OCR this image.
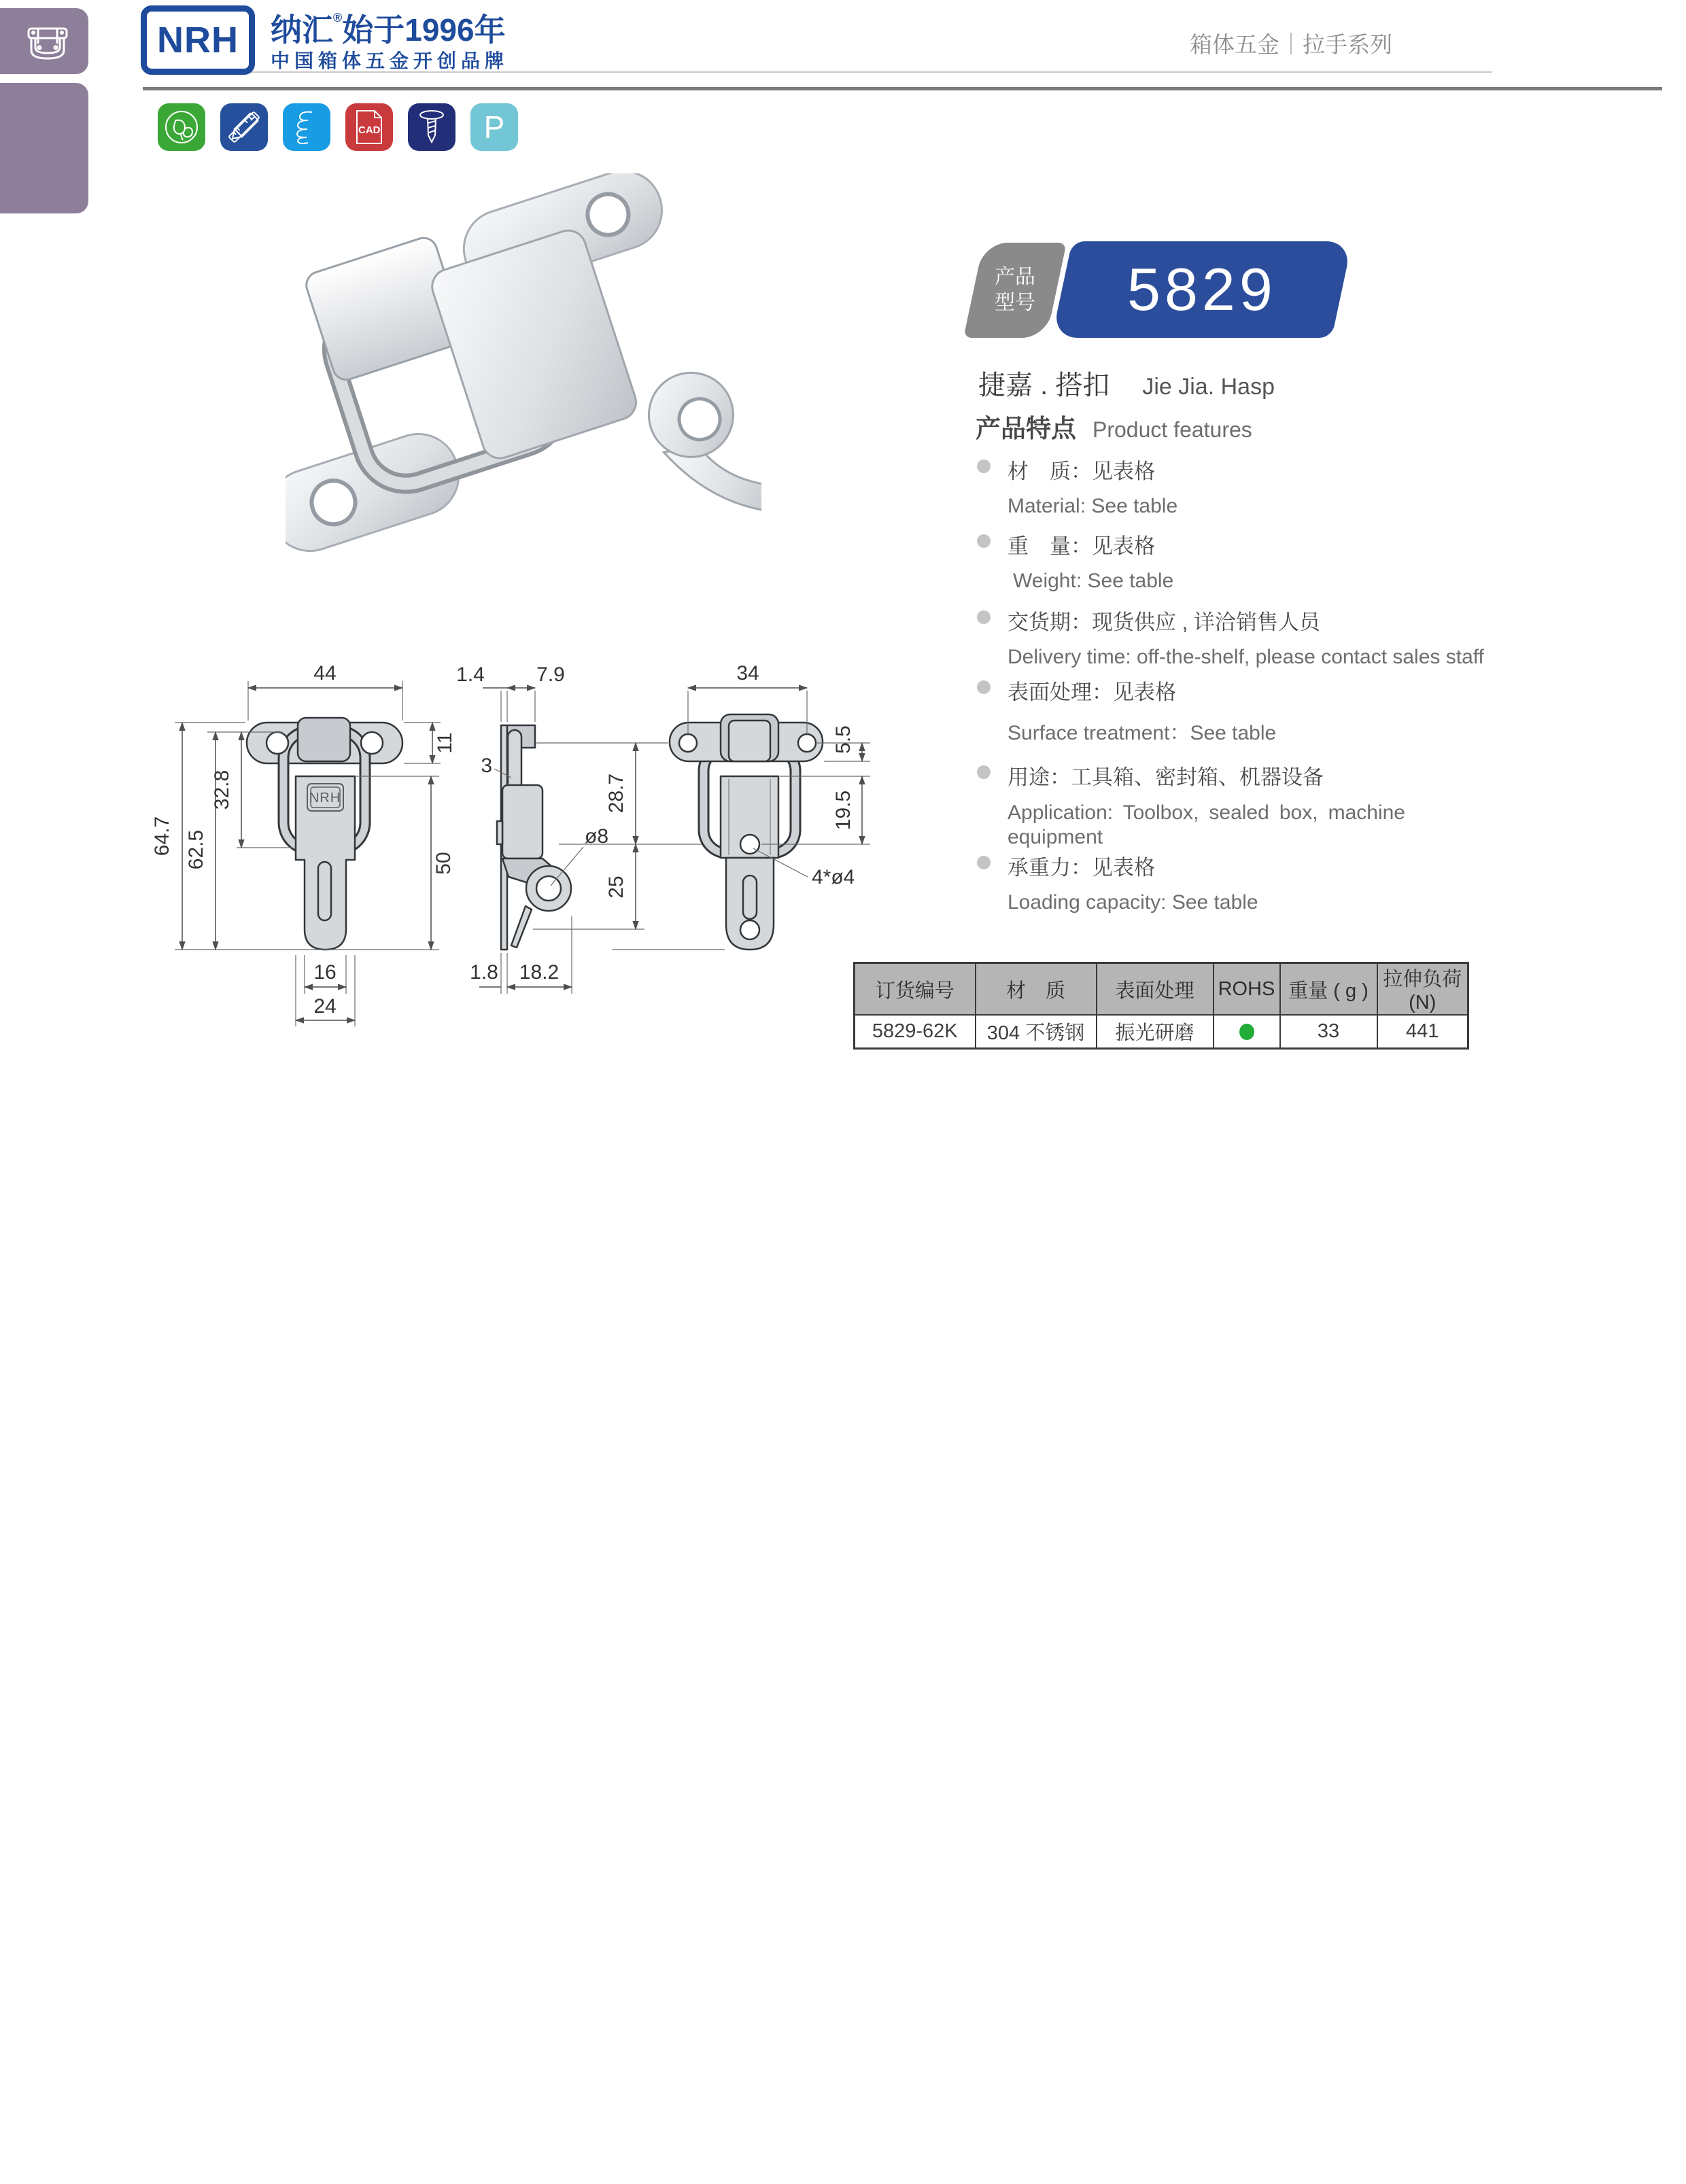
NRH 纳汇®始于1996年
中国箱体五金开创品牌
箱体五金 拉手系列
CAD	P
产品
型号 5829
捷嘉 . 搭扣 Jie Jia. Hasp
产品特点 Product features
材　质：见表格
Material: See table
重　量：见表格
Weight: See table
交货期：现货供应 , 详洽销售人员
Delivery time: off-the-shelf, please contact sales staff
表面处理：见表格
Surface treatment：See table
用途：工具箱、密封箱、机器设备
Application: Toolbox, sealed box, machine equipment
承重力：见表格
Loading capacity: See table
NRH
44
11
64.7 62.5
32.8
50
16
24
1.4	7.9
3
ø8
28.7
25
1.8 18.2
34
5.5
19.5
4*ø4
订货编号	材　质	表面处理	ROHS	重量 ( g )	拉伸负荷 (N)
5829-62K	304 不锈钢	振光研磨		33	441
